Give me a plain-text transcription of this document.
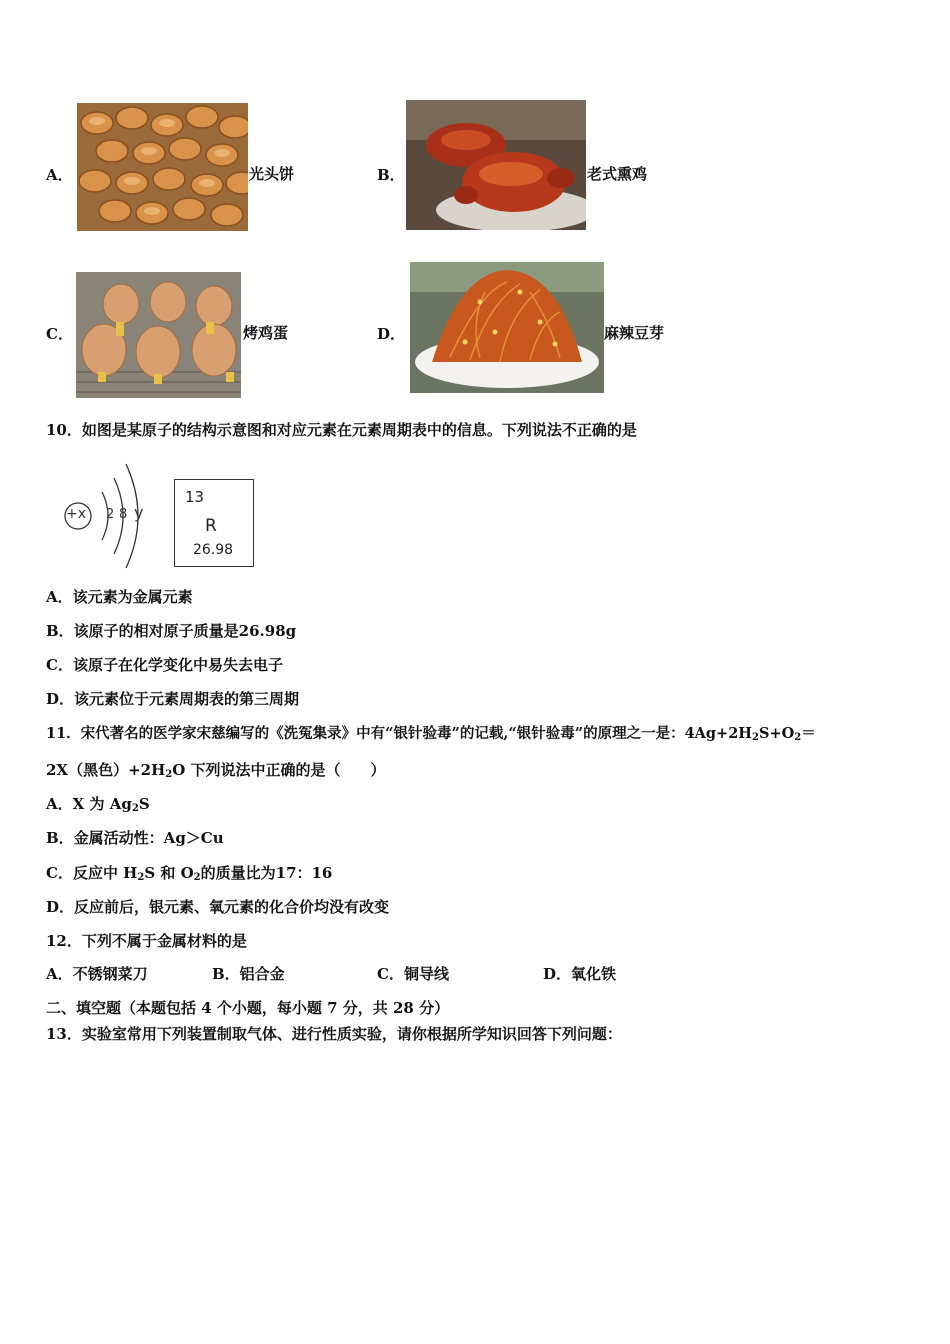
A．	光头饼	B．	老式熏鸡
C．	烤鸡蛋	D．	麻辣豆芽
10．如图是某原子的结构示意图和对应元素在元素周期表中的信息。下列说法不正确的是
+x 2 8 y
13
R
26.98
A．该元素为金属元素
B．该原子的相对原子质量是26.98g
C．该原子在化学变化中易失去电子
D．该元素位于元素周期表的第三周期
11．宋代著名的医学家宋慈编写的《洗冤集录》中有“银针验毒”的记载,“银针验毒”的原理之一是：$4Ag+2H_2S+O_2=$
2X（黑色）$+2H_2O$ 下列说法中正确的是（　　）
A．X 为 $Ag_2S$
B．金属活动性：Ag＞Cu
C．反应中 $H_2S$ 和 $O_2$的质量比为17：16
D．反应前后，银元素、氧元素的化合价均没有改变
12．下列不属于金属材料的是
A．不锈钢菜刀	B．铝合金	C．铜导线	D．氧化铁
二、填空题（本题包括 4 个小题，每小题 7 分，共 28 分）
13．实验室常用下列装置制取气体、进行性质实验，请你根据所学知识回答下列问题：
